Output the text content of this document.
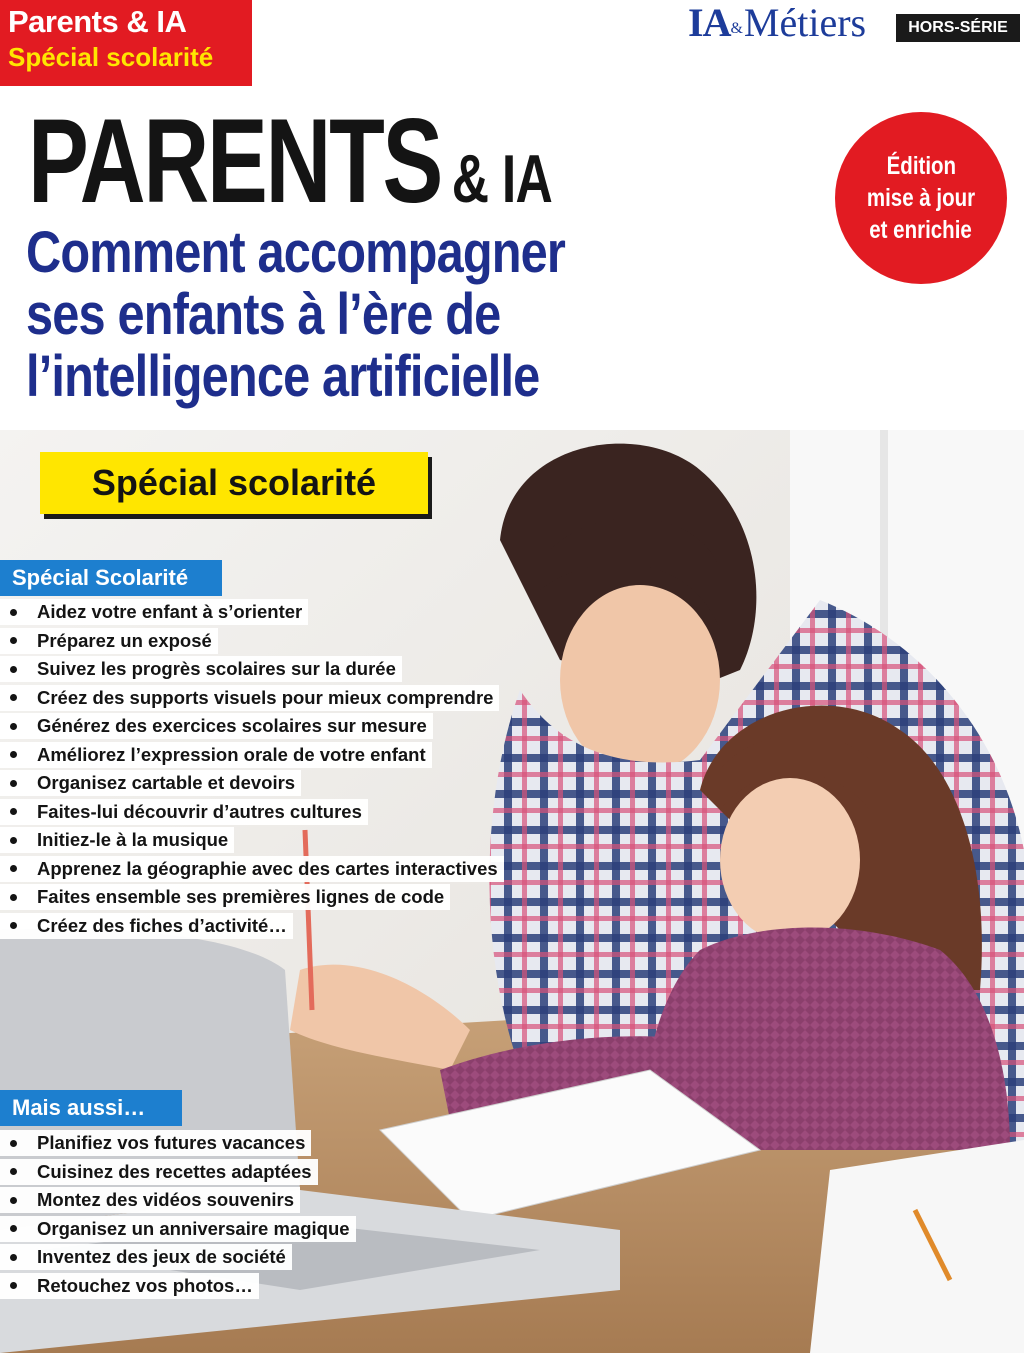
Parents & IA
Spécial scolarité
IA & Métiers	HORS-SÉRIE
PARENTS & IA
Comment accompagner
ses enfants à l’ère de
l’intelligence artificielle
Édition
mise à jour
et enrichie
Spécial scolarité
Spécial Scolarité
Aidez votre enfant à s’orienter
Préparez un exposé
Suivez les progrès scolaires sur la durée
Créez des supports visuels pour mieux comprendre
Générez des exercices scolaires sur mesure
Améliorez l’expression orale de votre enfant
Organisez cartable et devoirs
Faites-lui découvrir d’autres cultures
Initiez-le à la musique
Apprenez la géographie avec des cartes interactives
Faites ensemble ses premières lignes de code
Créez des fiches d’activité…
Mais aussi…
Planifiez vos futures vacances
Cuisinez des recettes adaptées
Montez des vidéos souvenirs
Organisez un anniversaire magique
Inventez des jeux de société
Retouchez vos photos…
